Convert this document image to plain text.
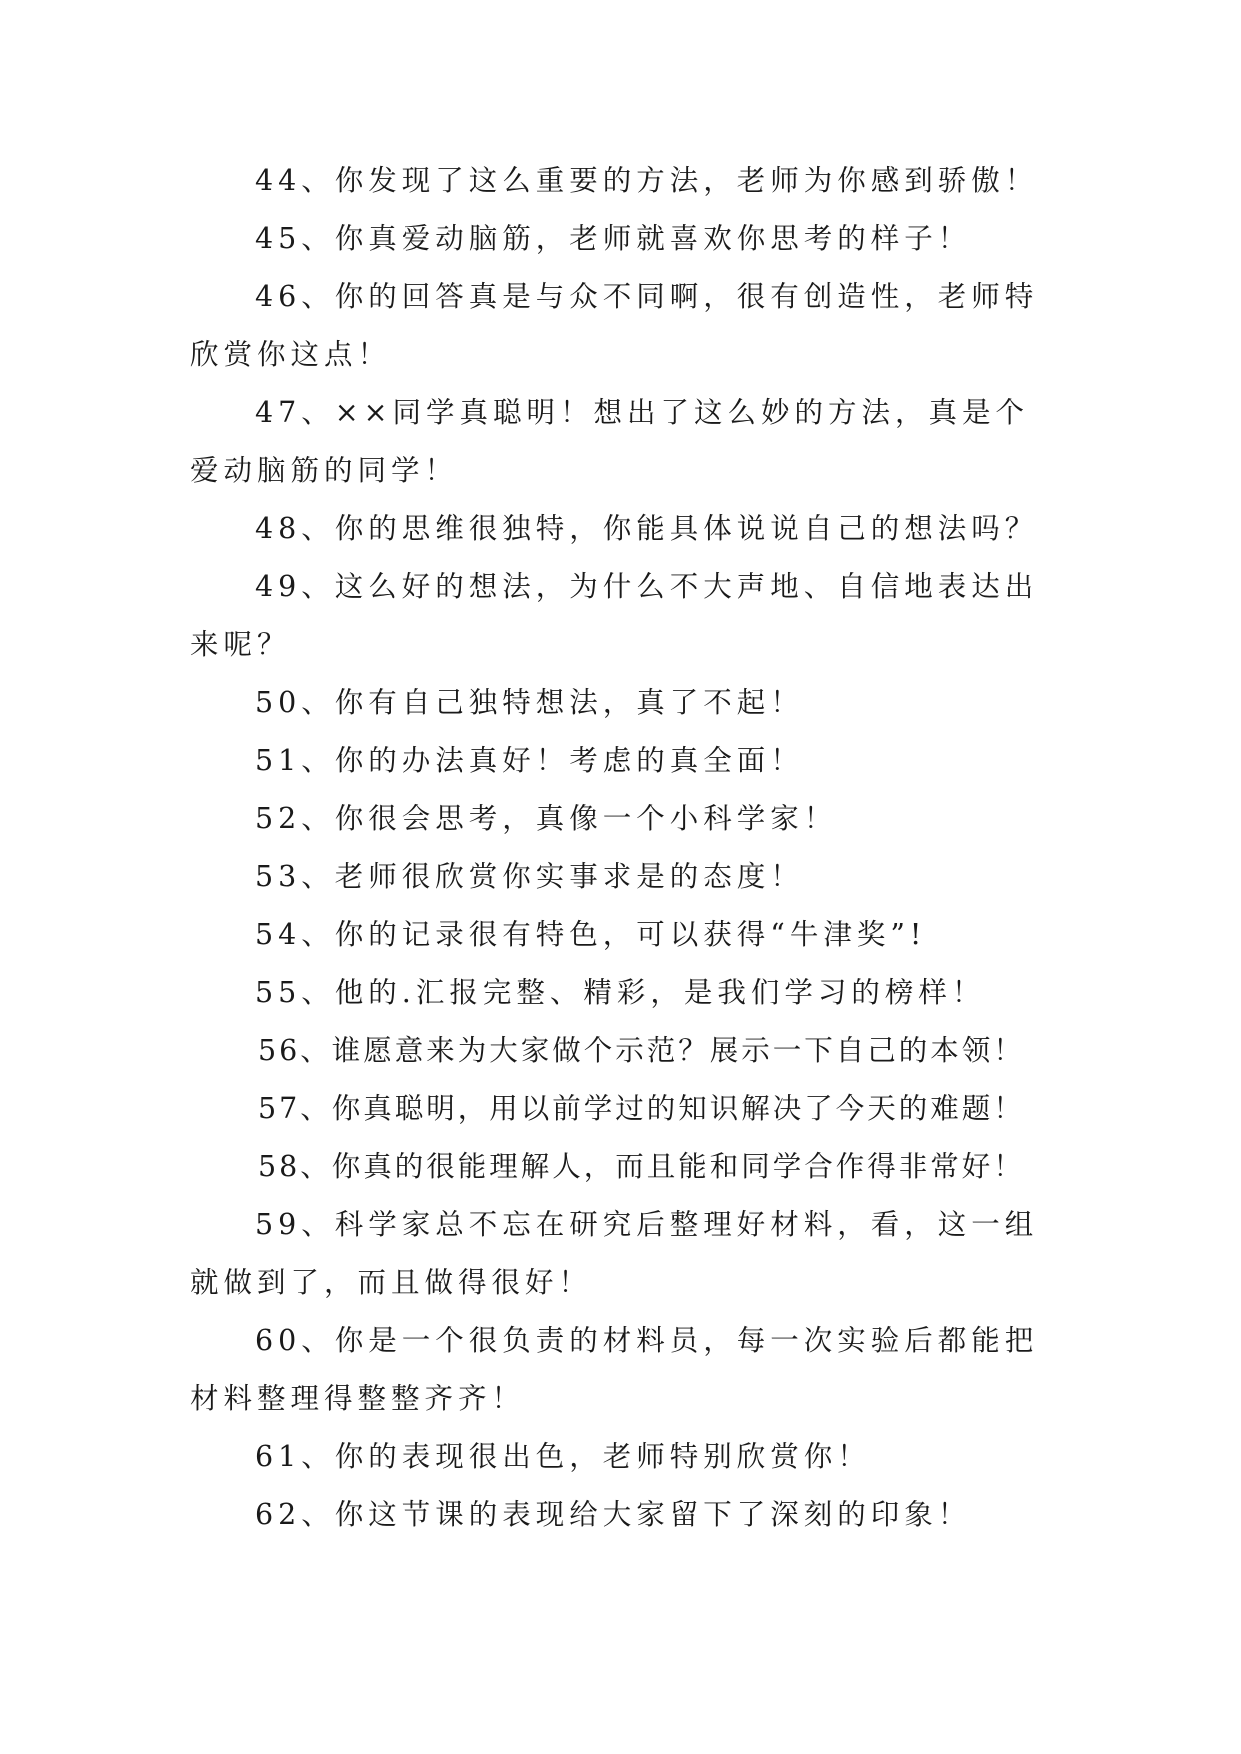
44、你发现了这么重要的方法，老师为你感到骄傲！

45、你真爱动脑筋，老师就喜欢你思考的样子！

46、你的回答真是与众不同啊，很有创造性，老师特欣赏你这点！

47、××同学真聪明！想出了这么妙的方法，真是个爱动脑筋的同学！

48、你的思维很独特，你能具体说说自己的想法吗？

49、这么好的想法，为什么不大声地、自信地表达出来呢？

50、你有自己独特想法，真了不起！

51、你的办法真好！考虑的真全面！

52、你很会思考，真像一个小科学家！

53、老师很欣赏你实事求是的态度！

54、你的记录很有特色，可以获得“牛津奖”!

55、他的.汇报完整、精彩，是我们学习的榜样！

56、谁愿意来为大家做个示范？展示一下自己的本领！

57、你真聪明，用以前学过的知识解决了今天的难题！

58、你真的很能理解人，而且能和同学合作得非常好！

59、科学家总不忘在研究后整理好材料，看，这一组就做到了，而且做得很好！

60、你是一个很负责的材料员，每一次实验后都能把材料整理得整整齐齐！

61、你的表现很出色，老师特别欣赏你！

62、你这节课的表现给大家留下了深刻的印象！
